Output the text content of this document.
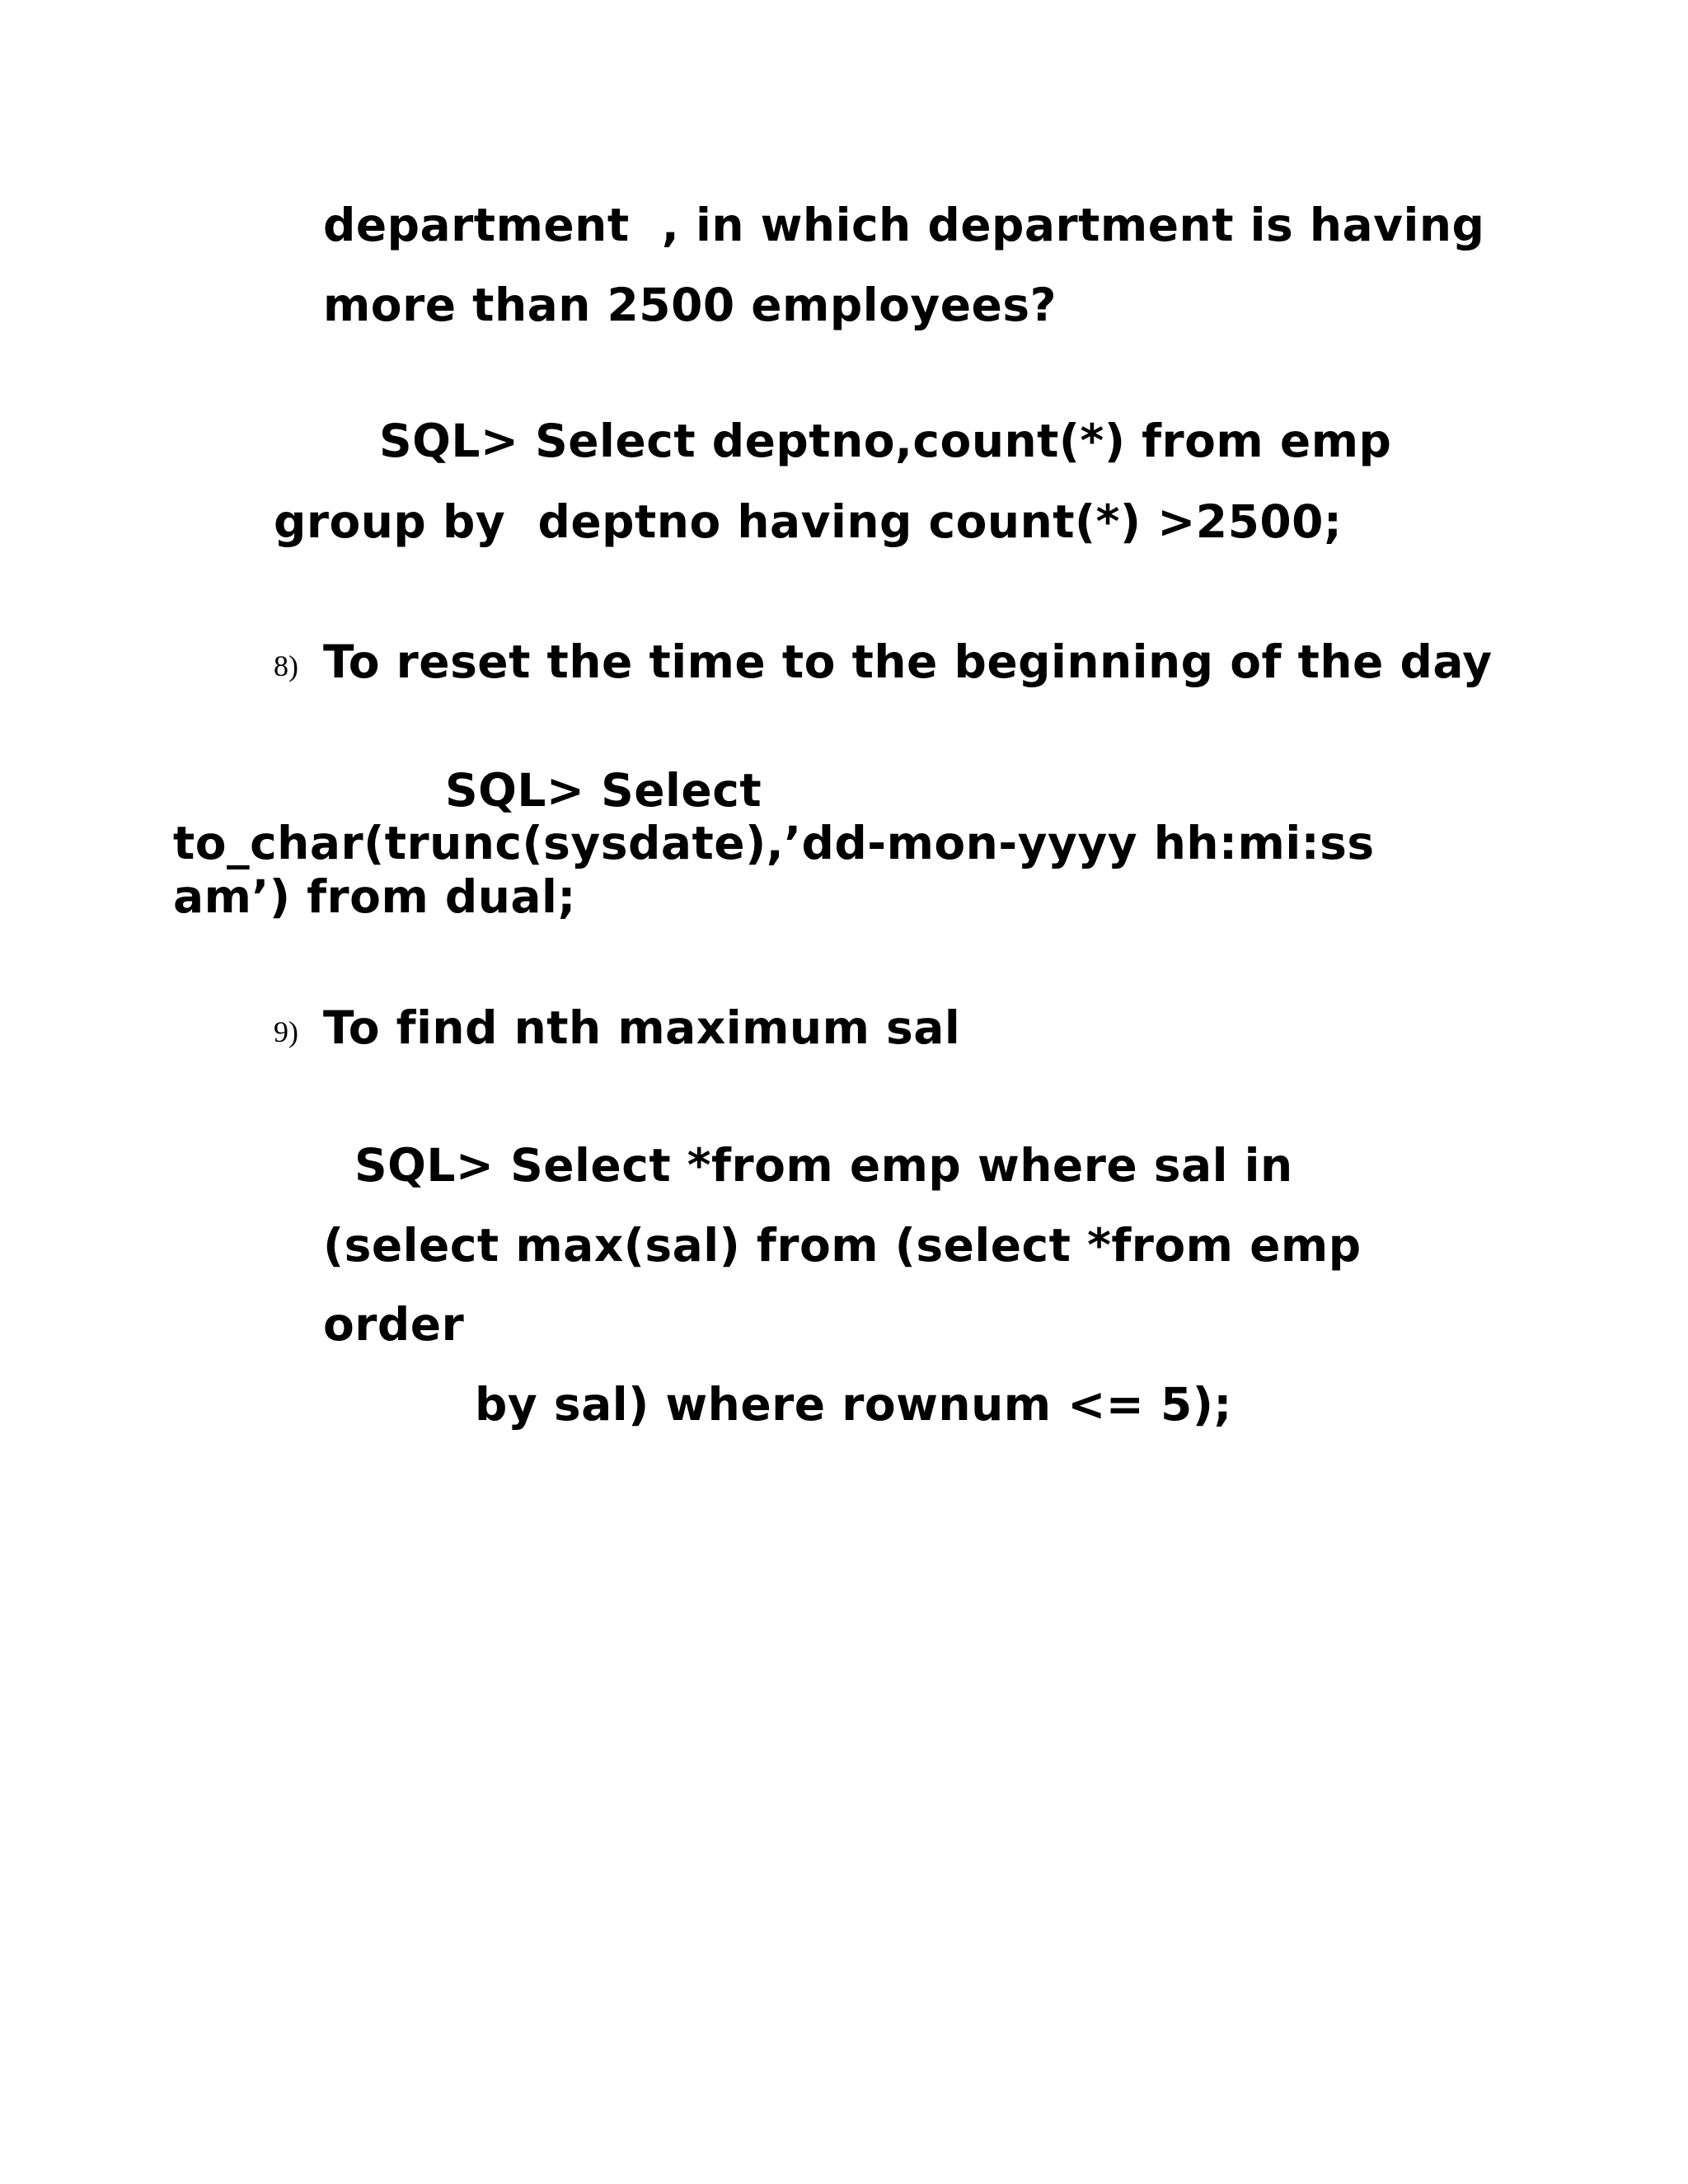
department  , in which department is having

more than 2500 employees?

SQL> Select deptno,count(*) from emp

group by  deptno having count(*) >2500;

8) To reset the time to the beginning of the day

SQL> Select

to_char(trunc(sysdate),’dd-mon-yyyy hh:mi:ss

am’) from dual;

9) To find nth maximum sal

SQL> Select *from emp where sal in

(select max(sal) from (select *from emp

order

by sal) where rownum <= 5);
